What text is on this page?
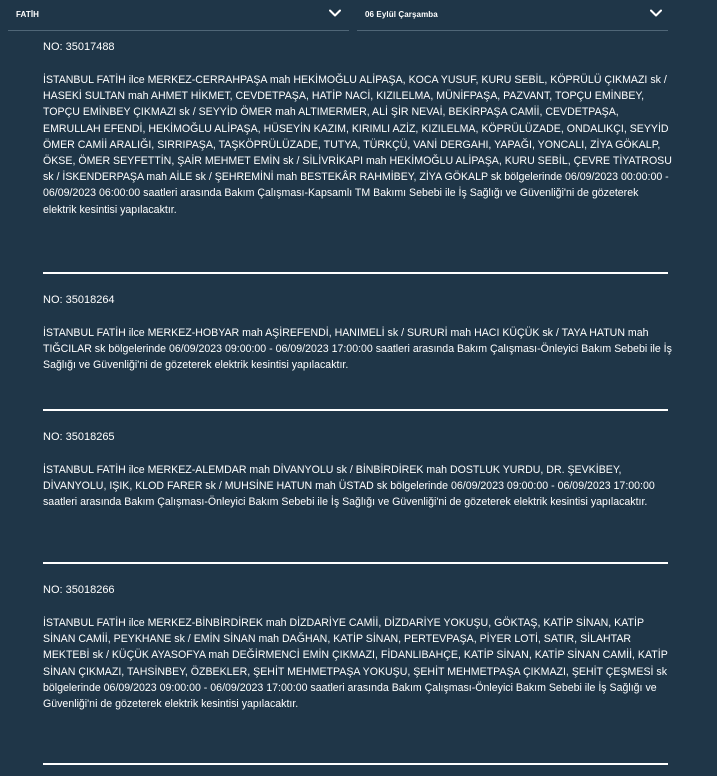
FATİH	06 Eylül Çarşamba
NO: 35017488

İSTANBUL FATİH ilce MERKEZ-CERRAHPAŞA mah HEKİMOĞLU ALİPAŞA, KOCA YUSUF, KURU SEBİL, KÖPRÜLÜ ÇIKMAZI sk / HASEKİ SULTAN mah AHMET HİKMET, CEVDETPAŞA, HATİP NACİ, KIZILELMA, MÜNİFPAŞA, PAZVANT, TOPÇU EMİNBEY, TOPÇU EMİNBEY ÇIKMAZI sk / SEYYİD ÖMER mah ALTIMERMER, ALİ ŞİR NEVAİ, BEKİRPAŞA CAMİİ, CEVDETPAŞA, EMRULLAH EFENDİ, HEKİMOĞLU ALİPAŞA, HÜSEYİN KAZIM, KIRIMLI AZİZ, KIZILELMA, KÖPRÜLÜZADE, ONDALIKÇI, SEYYİD ÖMER CAMİİ ARALIĞI, SIRRIPAŞA, TAŞKÖPRÜLÜZADE, TUTYA, TÜRKÇÜ, VANİ DERGAHI, YAPAĞI, YONCALI, ZİYA GÖKALP, ÖKSE, ÖMER SEYFETTİN, ŞAİR MEHMET EMİN sk / SİLİVRİKAPI mah HEKİMOĞLU ALİPAŞA, KURU SEBİL, ÇEVRE TİYATROSU sk / İSKENDERPAŞA mah AİLE sk / ŞEHREMİNİ mah BESTEKÂR RAHMİBEY, ZİYA GÖKALP sk bölgelerinde 06/09/2023 00:00:00 - 06/09/2023 06:00:00 saatleri arasında Bakım Çalışması-Kapsamlı TM Bakımı Sebebi ile İş Sağlığı ve Güvenliği'ni de gözeterek elektrik kesintisi yapılacaktır.

NO: 35018264

İSTANBUL FATİH ilce MERKEZ-HOBYAR mah AŞİREFENDİ, HANIMELİ sk / SURURİ mah HACI KÜÇÜK sk / TAYA HATUN mah TIĞCILAR sk bölgelerinde 06/09/2023 09:00:00 - 06/09/2023 17:00:00 saatleri arasında Bakım Çalışması-Önleyici Bakım Sebebi ile İş Sağlığı ve Güvenliği'ni de gözeterek elektrik kesintisi yapılacaktır.

NO: 35018265

İSTANBUL FATİH ilce MERKEZ-ALEMDAR mah DİVANYOLU sk / BİNBİRDİREK mah DOSTLUK YURDU, DR. ŞEVKİBEY, DİVANYOLU, IŞIK, KLOD FARER sk / MUHSİNE HATUN mah ÜSTAD sk bölgelerinde 06/09/2023 09:00:00 - 06/09/2023 17:00:00 saatleri arasında Bakım Çalışması-Önleyici Bakım Sebebi ile İş Sağlığı ve Güvenliği'ni de gözeterek elektrik kesintisi yapılacaktır.

NO: 35018266

İSTANBUL FATİH ilce MERKEZ-BİNBİRDİREK mah DİZDARİYE CAMİİ, DİZDARİYE YOKUŞU, GÖKTAŞ, KATİP SİNAN, KATİP SİNAN CAMİİ, PEYKHANE sk / EMİN SİNAN mah DAĞHAN, KATİP SİNAN, PERTEVPAŞA, PİYER LOTİ, SATIR, SİLAHTAR MEKTEBİ sk / KÜÇÜK AYASOFYA mah DEĞİRMENCİ EMİN ÇIKMAZI, FİDANLIBAHÇE, KATİP SİNAN, KATİP SİNAN CAMİİ, KATİP SİNAN ÇIKMAZI, TAHSİNBEY, ÖZBEKLER, ŞEHİT MEHMETPAŞA YOKUŞU, ŞEHİT MEHMETPAŞA ÇIKMAZI, ŞEHİT ÇEŞMESİ sk bölgelerinde 06/09/2023 09:00:00 - 06/09/2023 17:00:00 saatleri arasında Bakım Çalışması-Önleyici Bakım Sebebi ile İş Sağlığı ve Güvenliği'ni de gözeterek elektrik kesintisi yapılacaktır.
